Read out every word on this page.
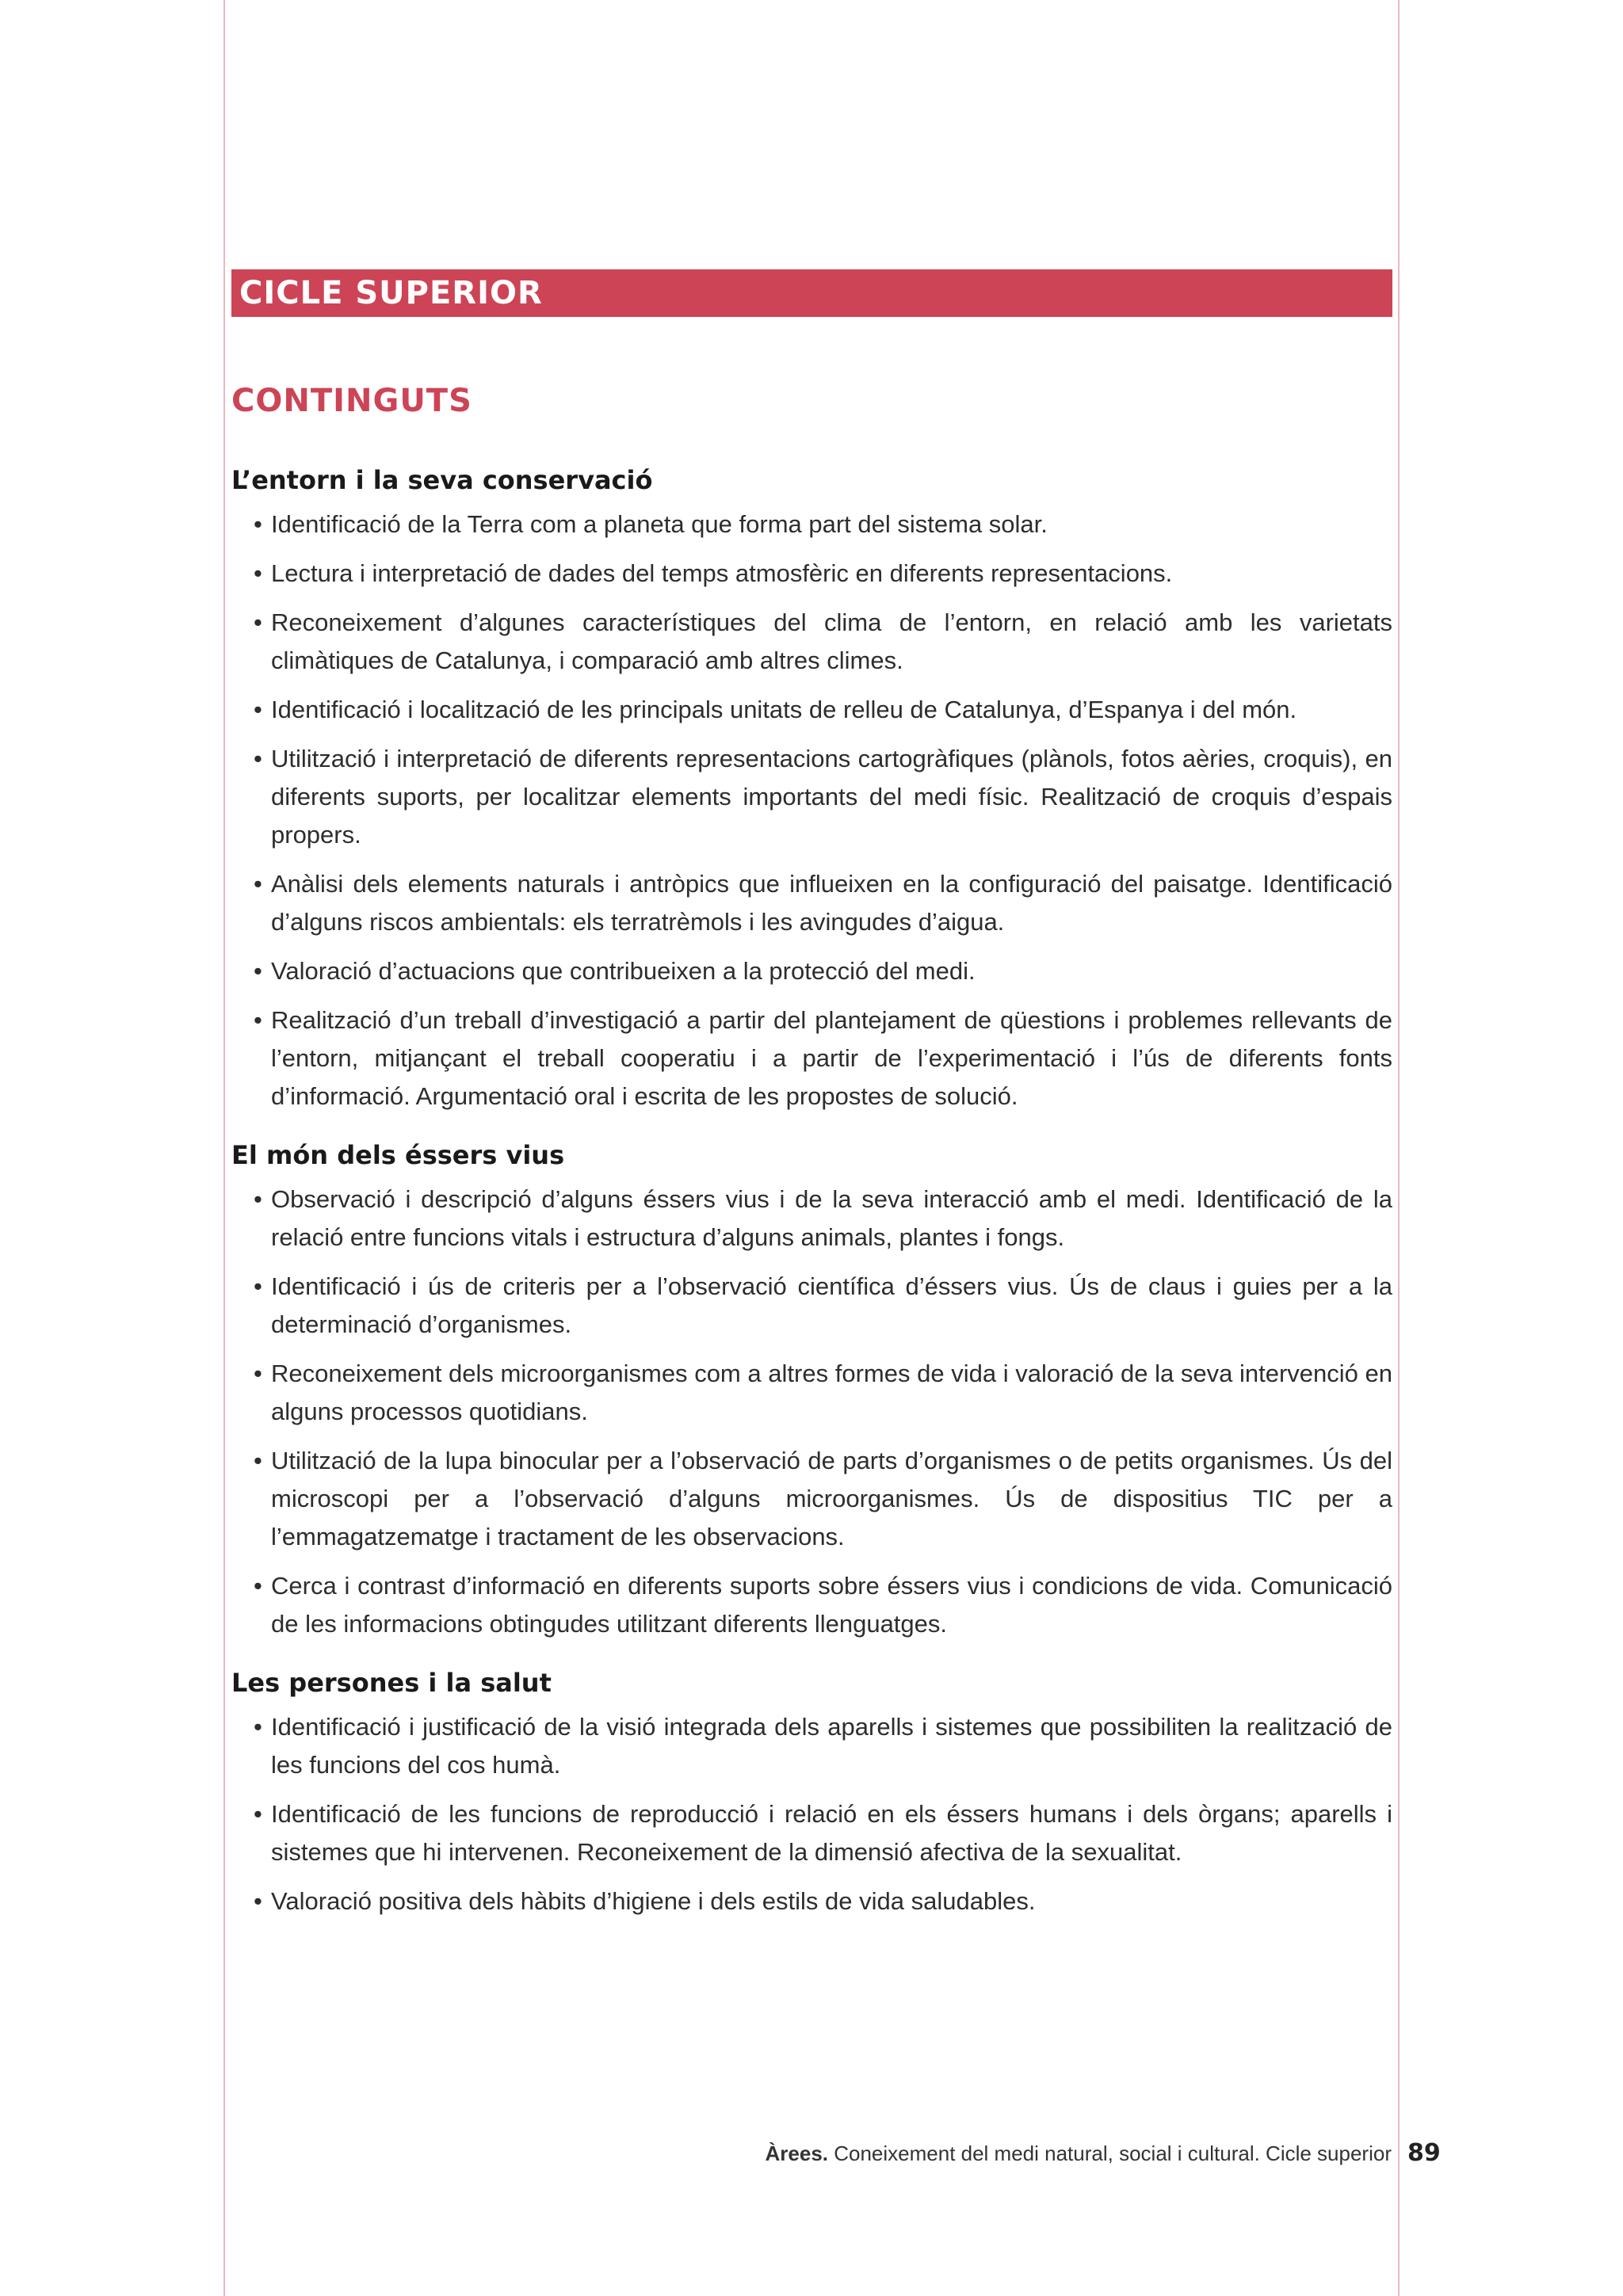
CICLE SUPERIOR
CONTINGUTS
L’entorn i la seva conservació
• Identificació de la Terra com a planeta que forma part del sistema solar.
• Lectura i interpretació de dades del temps atmosfèric en diferents representacions.
• Reconeixement d’algunes característiques del clima de l’entorn, en relació amb les varietats climàtiques de Catalunya, i comparació amb altres climes.
• Identificació i localització de les principals unitats de relleu de Catalunya, d’Espanya i del món.
• Utilització i interpretació de diferents representacions cartogràfiques (plànols, fotos aèries, croquis), en diferents suports, per localitzar elements importants del medi físic. Realització de croquis d’espais propers.
• Anàlisi dels elements naturals i antròpics que influeixen en la configuració del paisatge. Identificació d’alguns riscos ambientals: els terratrèmols i les avingudes d’aigua.
• Valoració d’actuacions que contribueixen a la protecció del medi.
• Realització d’un treball d’investigació a partir del plantejament de qüestions i problemes rellevants de l’entorn, mitjançant el treball cooperatiu i a partir de l’experimentació i l’ús de diferents fonts d’informació. Argumentació oral i escrita de les propostes de solució.
El món dels éssers vius
• Observació i descripció d’alguns éssers vius i de la seva interacció amb el medi. Identificació de la relació entre funcions vitals i estructura d’alguns animals, plantes i fongs.
• Identificació i ús de criteris per a l’observació científica d’éssers vius. Ús de claus i guies per a la determinació d’organismes.
• Reconeixement dels microorganismes com a altres formes de vida i valoració de la seva intervenció en alguns processos quotidians.
• Utilització de la lupa binocular per a l’observació de parts d’organismes o de petits organismes. Ús del microscopi per a l’observació d’alguns microorganismes. Ús de dispositius TIC per a l’emmagatzematge i tractament de les observacions.
• Cerca i contrast d’informació en diferents suports sobre éssers vius i condicions de vida. Comunicació de les informacions obtingudes utilitzant diferents llenguatges.
Les persones i la salut
• Identificació i justificació de la visió integrada dels aparells i sistemes que possibiliten la realització de les funcions del cos humà.
• Identificació de les funcions de reproducció i relació en els éssers humans i dels òrgans; aparells i sistemes que hi intervenen. Reconeixement de la dimensió afectiva de la sexualitat.
• Valoració positiva dels hàbits d’higiene i dels estils de vida saludables.
Àrees. Coneixement del medi natural, social i cultural. Cicle superior 89
